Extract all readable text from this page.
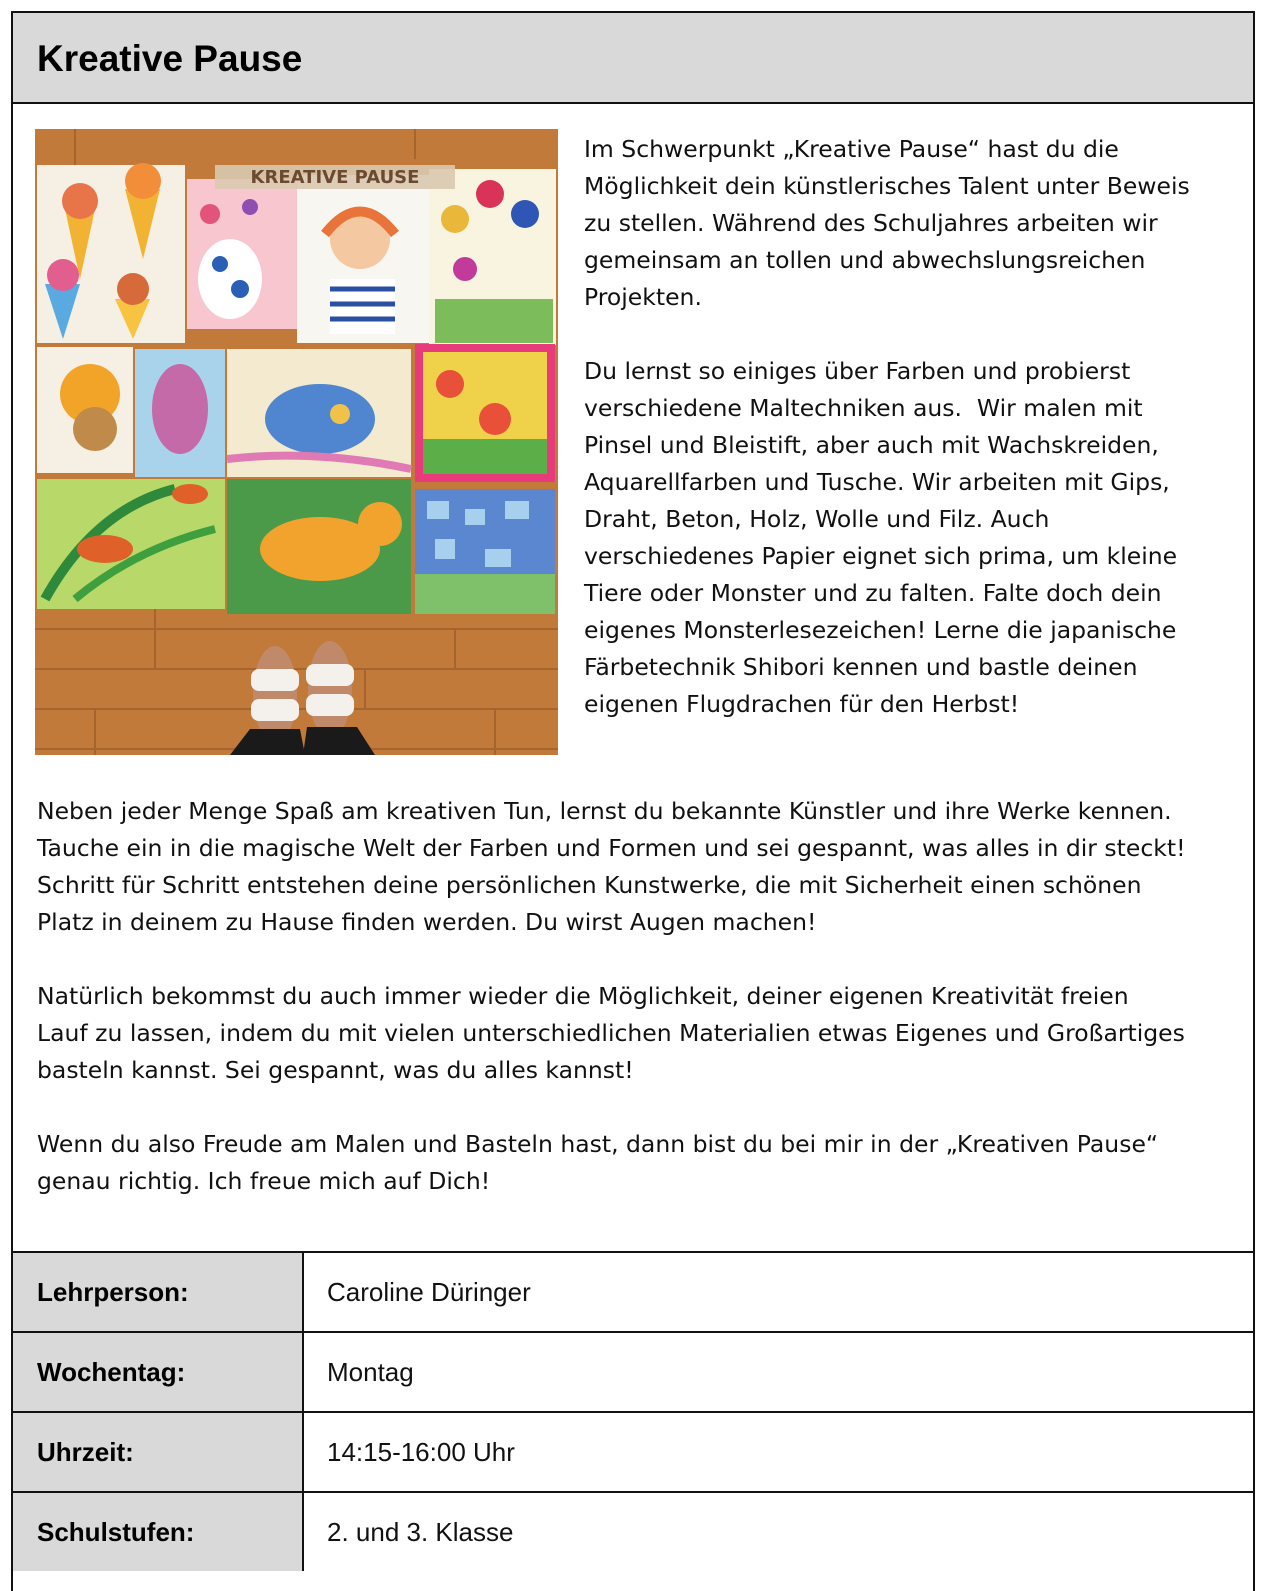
Kreative Pause
KREATIVE PAUSE

Im Schwerpunkt „Kreative Pause“ hast du die
Möglichkeit dein künstlerisches Talent unter Beweis
zu stellen. Während des Schuljahres arbeiten wir
gemeinsam an tollen und abwechslungsreichen
Projekten.

Du lernst so einiges über Farben und probierst
verschiedene Maltechniken aus.  Wir malen mit
Pinsel und Bleistift, aber auch mit Wachskreiden,
Aquarellfarben und Tusche. Wir arbeiten mit Gips,
Draht, Beton, Holz, Wolle und Filz. Auch
verschiedenes Papier eignet sich prima, um kleine
Tiere oder Monster und zu falten. Falte doch dein
eigenes Monsterlesezeichen! Lerne die japanische
Färbetechnik Shibori kennen und bastle deinen
eigenen Flugdrachen für den Herbst!

Neben jeder Menge Spaß am kreativen Tun, lernst du bekannte Künstler und ihre Werke kennen.
Tauche ein in die magische Welt der Farben und Formen und sei gespannt, was alles in dir steckt!
Schritt für Schritt entstehen deine persönlichen Kunstwerke, die mit Sicherheit einen schönen
Platz in deinem zu Hause finden werden. Du wirst Augen machen!

Natürlich bekommst du auch immer wieder die Möglichkeit, deiner eigenen Kreativität freien
Lauf zu lassen, indem du mit vielen unterschiedlichen Materialien etwas Eigenes und Großartiges
basteln kannst. Sei gespannt, was du alles kannst!

Wenn du also Freude am Malen und Basteln hast, dann bist du bei mir in der „Kreativen Pause“
genau richtig. Ich freue mich auf Dich!

Lehrperson:	Caroline Düringer
Wochentag:	Montag
Uhrzeit:	14:15-16:00 Uhr
Schulstufen:	2. und 3. Klasse
